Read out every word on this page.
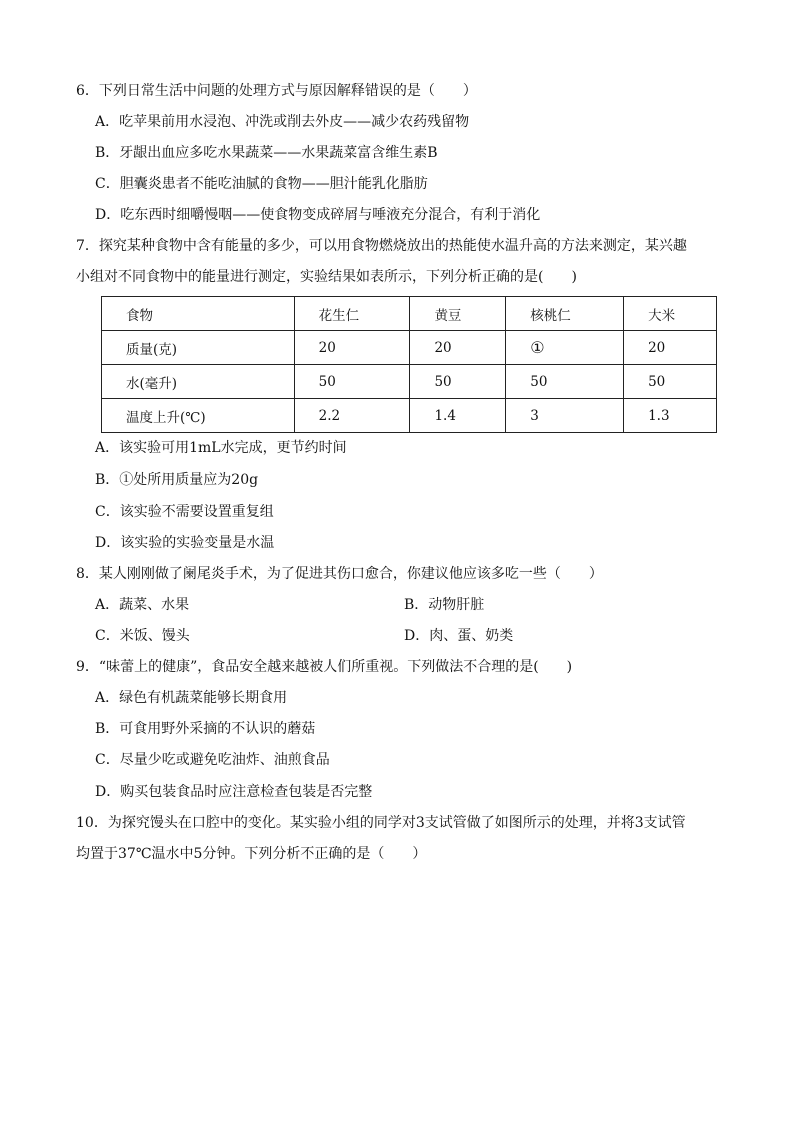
6．下列日常生活中问题的处理方式与原因解释错误的是（　　）
A．吃苹果前用水浸泡、冲洗或削去外皮——减少农药残留物
B．牙龈出血应多吃水果蔬菜——水果蔬菜富含维生素B
C．胆囊炎患者不能吃油腻的食物——胆汁能乳化脂肪
D．吃东西时细嚼慢咽——使食物变成碎屑与唾液充分混合，有利于消化
7．探究某种食物中含有能量的多少，可以用食物燃烧放出的热能使水温升高的方法来测定，某兴趣
小组对不同食物中的能量进行测定，实验结果如表所示，下列分析正确的是(　　)
食物	花生仁	黄豆	核桃仁	大米
质量(克)	20	20	①	20
水(毫升)	50	50	50	50
温度上升(℃)	2.2	1.4	3	1.3
A．该实验可用1mL水完成，更节约时间
B．①处所用质量应为20g
C．该实验不需要设置重复组
D．该实验的实验变量是水温
8．某人刚刚做了阑尾炎手术，为了促进其伤口愈合，你建议他应该多吃一些（　　）
A．蔬菜、水果	B．动物肝脏
C．米饭、馒头	D．肉、蛋、奶类
9．“味蕾上的健康”，食品安全越来越被人们所重视。下列做法不合理的是(　　)
A．绿色有机蔬菜能够长期食用
B．可食用野外采摘的不认识的蘑菇
C．尽量少吃或避免吃油炸、油煎食品
D．购买包装食品时应注意检查包装是否完整
10．为探究馒头在口腔中的变化。某实验小组的同学对3支试管做了如图所示的处理，并将3支试管
均置于37℃温水中5分钟。下列分析不正确的是（　　）
